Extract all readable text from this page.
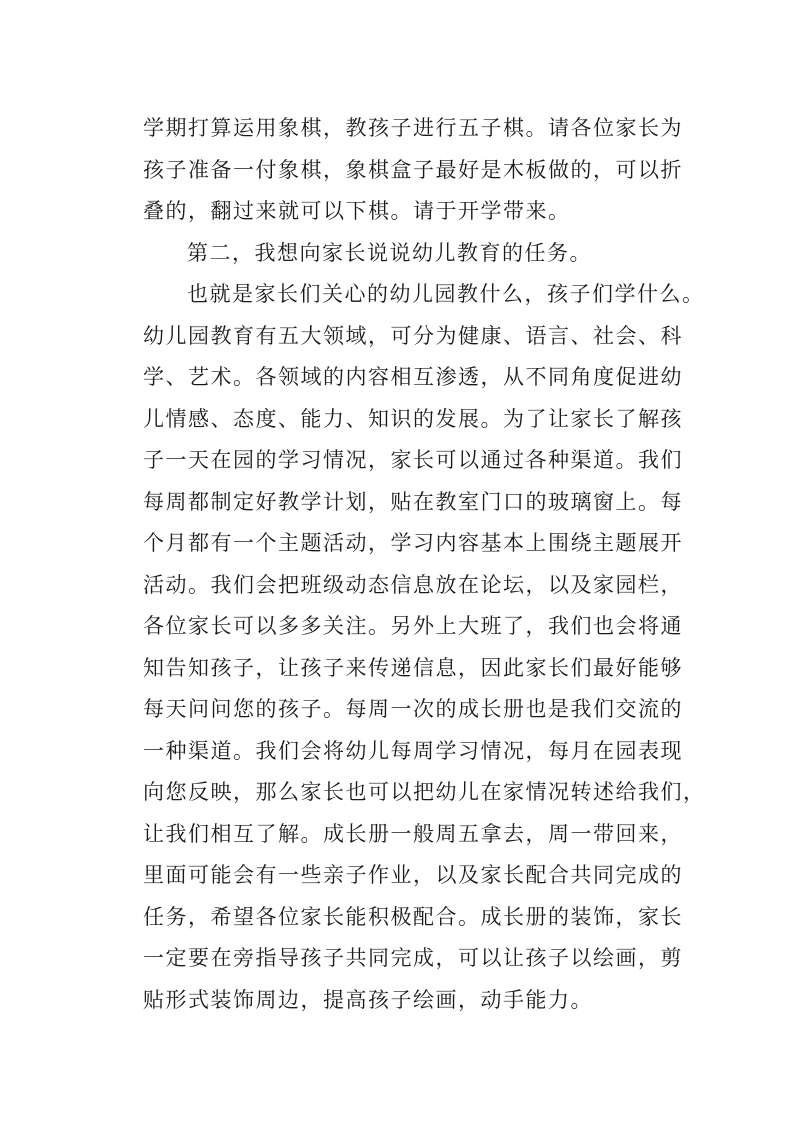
学期打算运用象棋，教孩子进行五子棋。请各位家长为
孩子准备一付象棋，象棋盒子最好是木板做的，可以折
叠的，翻过来就可以下棋。请于开学带来。
第二，我想向家长说说幼儿教育的任务。
也就是家长们关心的幼儿园教什么，孩子们学什么。
幼儿园教育有五大领域，可分为健康、语言、社会、科
学、艺术。各领域的内容相互渗透，从不同角度促进幼
儿情感、态度、能力、知识的发展。为了让家长了解孩
子一天在园的学习情况，家长可以通过各种渠道。我们
每周都制定好教学计划，贴在教室门口的玻璃窗上。每
个月都有一个主题活动，学习内容基本上围绕主题展开
活动。我们会把班级动态信息放在论坛，以及家园栏，
各位家长可以多多关注。另外上大班了，我们也会将通
知告知孩子，让孩子来传递信息，因此家长们最好能够
每天问问您的孩子。每周一次的成长册也是我们交流的
一种渠道。我们会将幼儿每周学习情况，每月在园表现
向您反映，那么家长也可以把幼儿在家情况转述给我们，
让我们相互了解。成长册一般周五拿去，周一带回来，
里面可能会有一些亲子作业，以及家长配合共同完成的
任务，希望各位家长能积极配合。成长册的装饰，家长
一定要在旁指导孩子共同完成，可以让孩子以绘画，剪
贴形式装饰周边，提高孩子绘画，动手能力。
